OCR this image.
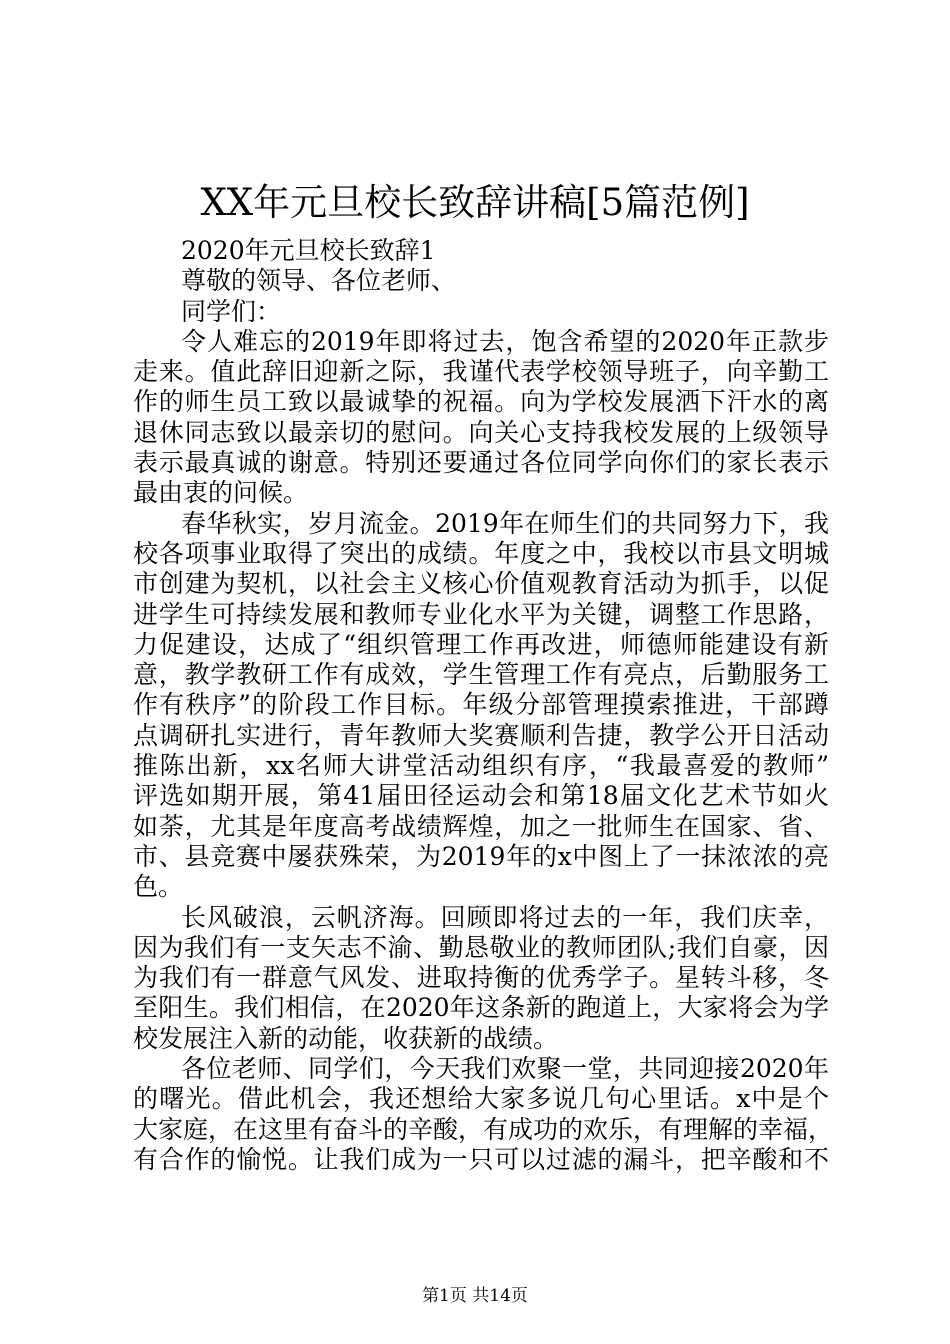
XX年元旦校长致辞讲稿[5篇范例]
2020年元旦校长致辞1
尊敬的领导、各位老师、
同学们：
令人难忘的2019年即将过去，饱含希望的2020年正款步
走来。值此辞旧迎新之际，我谨代表学校领导班子，向辛勤工
作的师生员工致以最诚挚的祝福。向为学校发展洒下汗水的离
退休同志致以最亲切的慰问。向关心支持我校发展的上级领导
表示最真诚的谢意。特别还要通过各位同学向你们的家长表示
最由衷的问候。
春华秋实，岁月流金。2019年在师生们的共同努力下，我
校各项事业取得了突出的成绩。年度之中，我校以市县文明城
市创建为契机，以社会主义核心价值观教育活动为抓手，以促
进学生可持续发展和教师专业化水平为关键，调整工作思路，
力促建设，达成了“组织管理工作再改进，师德师能建设有新
意，教学教研工作有成效，学生管理工作有亮点，后勤服务工
作有秩序”的阶段工作目标。年级分部管理摸索推进，干部蹲
点调研扎实进行，青年教师大奖赛顺利告捷，教学公开日活动
推陈出新，xx名师大讲堂活动组织有序，“我最喜爱的教师”
评选如期开展，第41届田径运动会和第18届文化艺术节如火
如荼，尤其是年度高考战绩辉煌，加之一批师生在国家、省、
市、县竞赛中屡获殊荣，为2019年的x中图上了一抹浓浓的亮
色。
长风破浪，云帆济海。回顾即将过去的一年，我们庆幸，
因为我们有一支矢志不渝、勤恳敬业的教师团队;我们自豪，因
为我们有一群意气风发、进取持衡的优秀学子。星转斗移，冬
至阳生。我们相信，在2020年这条新的跑道上，大家将会为学
校发展注入新的动能，收获新的战绩。
各位老师、同学们，今天我们欢聚一堂，共同迎接2020年
的曙光。借此机会，我还想给大家多说几句心里话。x中是个
大家庭，在这里有奋斗的辛酸，有成功的欢乐，有理解的幸福，
有合作的愉悦。让我们成为一只可以过滤的漏斗，把辛酸和不
第1页 共14页
